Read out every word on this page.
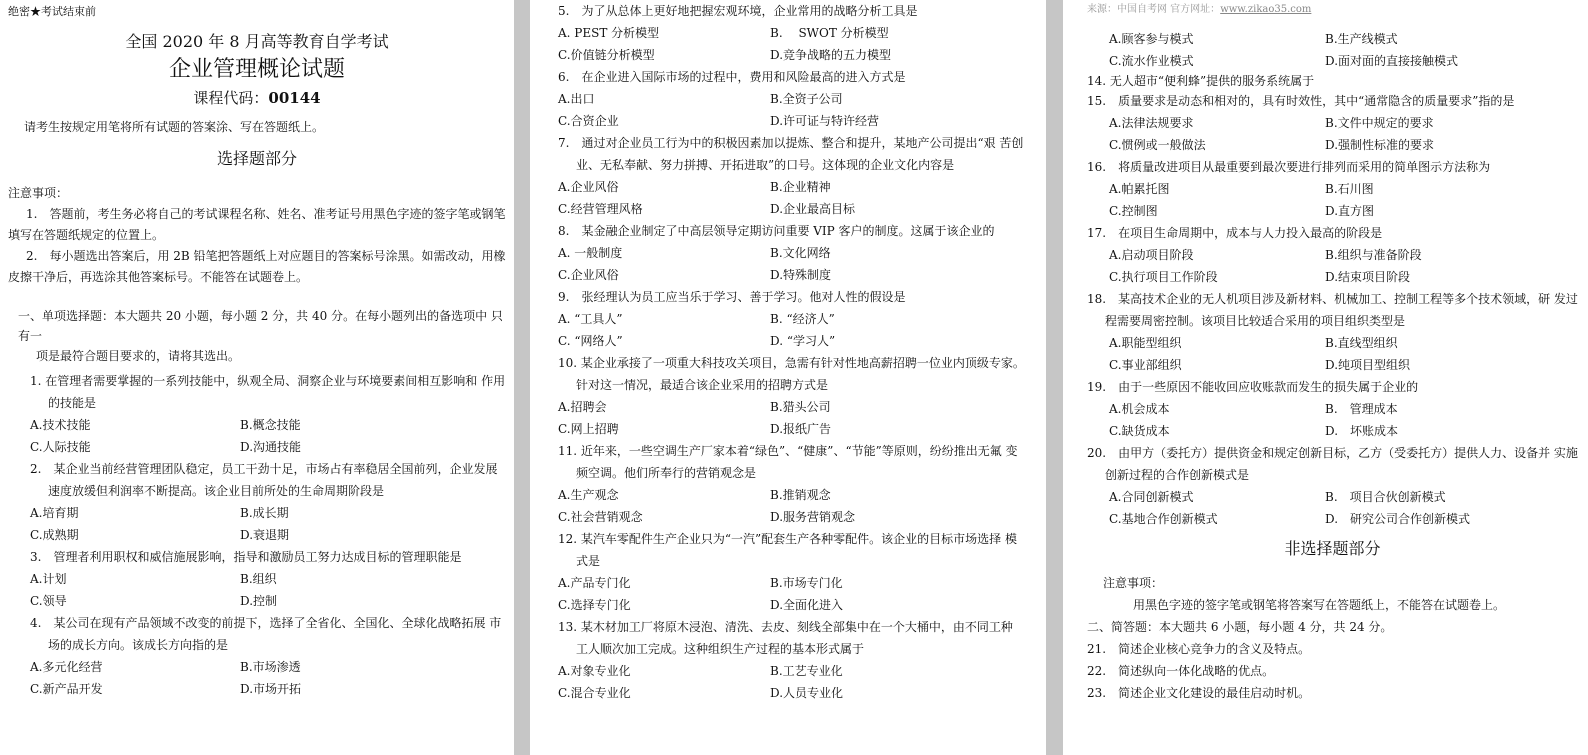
绝密★考试结束前
全国 2020 年 8 月高等教育自学考试
企业管理概论试题
课程代码：00144
请考生按规定用笔将所有试题的答案涂、写在答题纸上。
选择题部分
注意事项：
1.　答题前，考生务必将自己的考试课程名称、姓名、准考证号用黑色字迹的签字笔或钢笔 填写在答题纸规定的位置上。
2.　每小题选出答案后，用 2B 铅笔把答题纸上对应题目的答案标号涂黑。如需改动，用橡 皮擦干净后，再选涂其他答案标号。不能答在试题卷上。
一、单项选择题：本大题共 20 小题，每小题 2 分，共 40 分。在每小题列出的备选项中 只有一
项是最符合题目要求的，请将其选出。
1. 在管理者需要掌握的一系列技能中，纵观全局、洞察企业与环境要素间相互影响和 作用的技能是
A.技术技能	B.概念技能
C.人际技能	D.沟通技能
2.　某企业当前经营管理团队稳定，员工干劲十足，市场占有率稳居全国前列，企业发展 速度放缓但利润率不断提高。该企业目前所处的生命周期阶段是
A.培育期	B.成长期
C.成熟期	D.衰退期
3.　管理者利用职权和威信施展影响，指导和激励员工努力达成目标的管理职能是
A.计划	B.组织
C.领导	D.控制
4.　某公司在现有产品领域不改变的前提下，选择了全省化、全国化、全球化战略拓展 市场的成长方向。该成长方向指的是
A.多元化经营	B.市场渗透
C.新产品开发	D.市场开拓
5.　为了从总体上更好地把握宏观环境，企业常用的战略分析工具是
A. PEST 分析模型	B.　 SWOT 分析模型
C.价值链分析模型	D.竞争战略的五力模型
6.　在企业进入国际市场的过程中，费用和风险最高的进入方式是
A.出口	B.全资子公司
C.合资企业	D.许可证与特许经营
7.　通过对企业员工行为中的积极因素加以提炼、整合和提升，某地产公司提出“艰 苦创业、无私奉献、努力拼搏、开拓进取”的口号。这体现的企业文化内容是
A.企业风俗	B.企业精神
C.经营管理风格	D.企业最高目标
8.　某金融企业制定了中高层领导定期访问重要 VIP 客户的制度。这属于该企业的
A. 一般制度	B.文化网络
C.企业风俗	D.特殊制度
9.　张经理认为员工应当乐于学习、善于学习。他对人性的假设是
A. “工具人”	B. “经济人”
C. “网络人”	D. “学习人”
10. 某企业承接了一项重大科技攻关项目，急需有针对性地高薪招聘一位业内顶级专家。 针对这一情况，最适合该企业采用的招聘方式是
A.招聘会	B.猎头公司
C.网上招聘	D.报纸广告
11. 近年来，一些空调生产厂家本着“绿色”、“健康”、“节能”等原则，纷纷推出无氟 变频空调。他们所奉行的营销观念是
A.生产观念	B.推销观念
C.社会营销观念	D.服务营销观念
12. 某汽车零配件生产企业只为“一汽”配套生产各种零配件。该企业的目标市场选择 模式是
A.产品专门化	B.市场专门化
C.选择专门化	D.全面化进入
13. 某木材加工厂将原木浸泡、清洗、去皮、刻线全部集中在一个大桶中，由不同工种 工人顺次加工完成。这种组织生产过程的基本形式属于
A.对象专业化	B.工艺专业化
C.混合专业化	D.人员专业化
来源：中国自考网 官方网址：www.zikao35.com
A.顾客参与模式	B.生产线模式
C.流水作业模式	D.面对面的直接接触模式
14. 无人超市“便利蜂”提供的服务系统属于
15.　质量要求是动态和相对的，具有时效性，其中“通常隐含的质量要求”指的是
A.法律法规要求	B.文件中规定的要求
C.惯例或一般做法	D.强制性标准的要求
16.　将质量改进项目从最重要到最次要进行排列而采用的简单图示方法称为
A.帕累托图	B.石川图
C.控制图	D.直方图
17.　在项目生命周期中，成本与人力投入最高的阶段是
A.启动项目阶段	B.组织与准备阶段
C.执行项目工作阶段	D.结束项目阶段
18.　某高技术企业的无人机项目涉及新材料、机械加工、控制工程等多个技术领域，研 发过程需要周密控制。该项目比较适合采用的项目组织类型是
A.职能型组织	B.直线型组织
C.事业部组织	D.纯项目型组织
19.　由于一些原因不能收回应收账款而发生的损失属于企业的
A.机会成本	B.　管理成本
C.缺货成本	D.　坏账成本
20.　由甲方（委托方）提供资金和规定创新目标，乙方（受委托方）提供人力、设备并 实施创新过程的合作创新模式是
A.合同创新模式	B.　项目合伙创新模式
C.基地合作创新模式	D.　研究公司合作创新模式
非选择题部分
注意事项：
用黑色字迹的签字笔或钢笔将答案写在答题纸上，不能答在试题卷上。
二、简答题：本大题共 6 小题，每小题 4 分，共 24 分。
21.　简述企业核心竞争力的含义及特点。
22.　简述纵向一体化战略的优点。
23.　简述企业文化建设的最佳启动时机。
